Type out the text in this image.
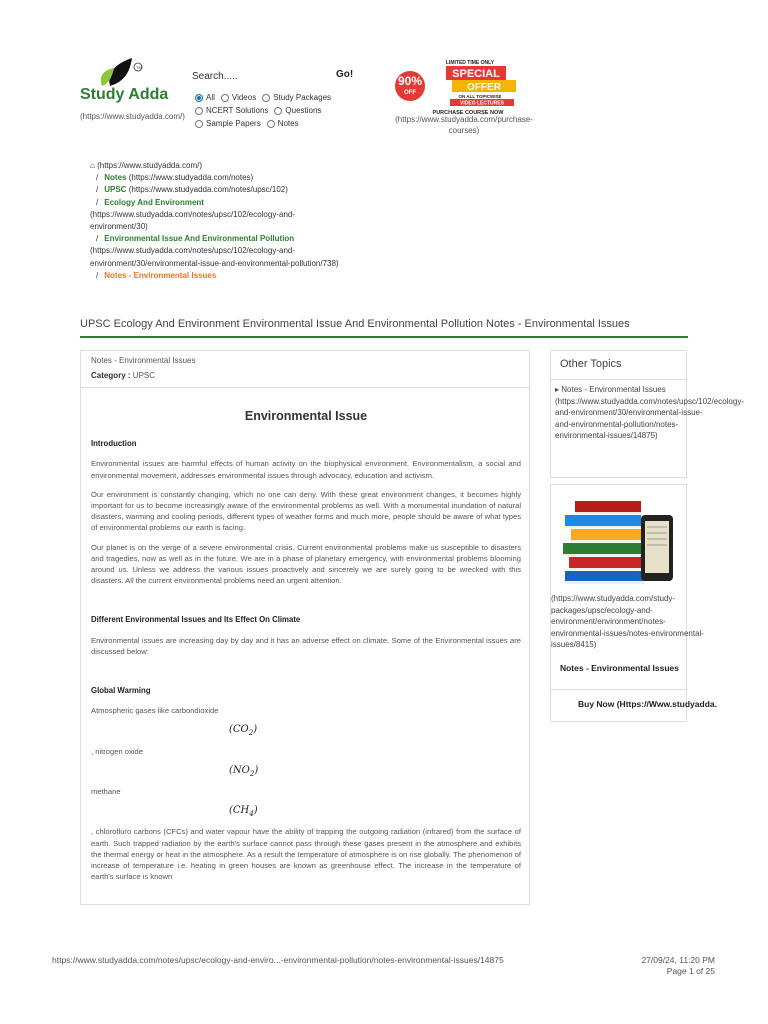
TM
Study Adda
(https://www.studyadda.com/)
Search.....	Go!
All Videos Study Packages
NCERT Solutions Questions
Sample Papers Notes
90%
OFF
LIMITED TIME ONLY
SPECIAL
OFFER
ON ALL TOPICWISE
VIDEO LECTURES
PURCHASE COURSE NOW
(https://www.studyadda.com/purchase-courses)
⌂ (https://www.studyadda.com/)
/ Notes (https://www.studyadda.com/notes)
/ UPSC (https://www.studyadda.com/notes/upsc/102)
/ Ecology And Environment
(https://www.studyadda.com/notes/upsc/102/ecology-and-environment/30)
/ Environmental Issue And Environmental Pollution
(https://www.studyadda.com/notes/upsc/102/ecology-and-environment/30/environmental-issue-and-environmental-pollution/738)
/ Notes - Environmental Issues
UPSC Ecology And Environment Environmental Issue And Environmental Pollution Notes - Environmental Issues
Notes - Environmental Issues
Category : UPSC
Environmental Issue
Introduction

Environmental issues are harmful effects of human activity on the biophysical environment. Environmentalism, a social and environmental movement, addresses environmental issues through advocacy, education and activism.

Our environment is constantly changing, which no one can deny. With these great environment changes, it becomes highly important for us to become increasingly aware of the environmental problems as well. With a monumental inundation of natural disasters, warming and cooling periods, different types of weather forms and much more, people should be aware of what types of environmental problems our earth is facing.

Our planet is on the verge of a severe environmental crisis. Current environmental problems make us susceptible to disasters and tragedies, now as well as in the future. We are in a phase of planetary emergency, with environmental problems blooming around us. Unless we address the various issues proactively and sincerely we are surely going to be wrecked with this disasters. All the current environmental problems need an urgent attention.

Different Environmental Issues and Its Effect On Climate

Environmental issues are increasing day by day and it has an adverse effect on climate. Some of the Environmental issues are discussed below:

Global Warming

Atmospheric gases like carbondioxide

$(CO_2)$

, nitrogen oxide

$(NO_2)$

methane

$(CH_4)$

, chlorofluro carbons (CFCs) and water vapour have the ability of trapping the outgoing radiation (infrared) from the surface of earth. Such trapped radiation by the earth's surface cannot pass through these gases present in the atmosphere and exhibits the thermal energy or heat in the atmosphere. As a result the temperature of atmosphere is on rise globally. The phenomenon of increase of temperature i.e. heating in green houses are known as greenhouse effect. The increase in the temperature of earth's surface is known

Other Topics
▸ Notes - Environmental Issues (https://www.studyadda.com/notes/upsc/102/ecology-and-environment/30/environmental-issue-and-environmental-pollution/notes-environmental-issues/14875)
(https://www.studyadda.com/study-packages/upsc/ecology-and-environment/environment/notes-environmental-issues/notes-environmental-issues/8415)
Notes - Environmental Issues
Buy Now (Https://Www.studyadda.
https://www.studyadda.com/notes/upsc/ecology-and-enviro...-environmental-pollution/notes-environmental-issues/14875	27/09/24, 11:20 PM
Page 1 of 25
